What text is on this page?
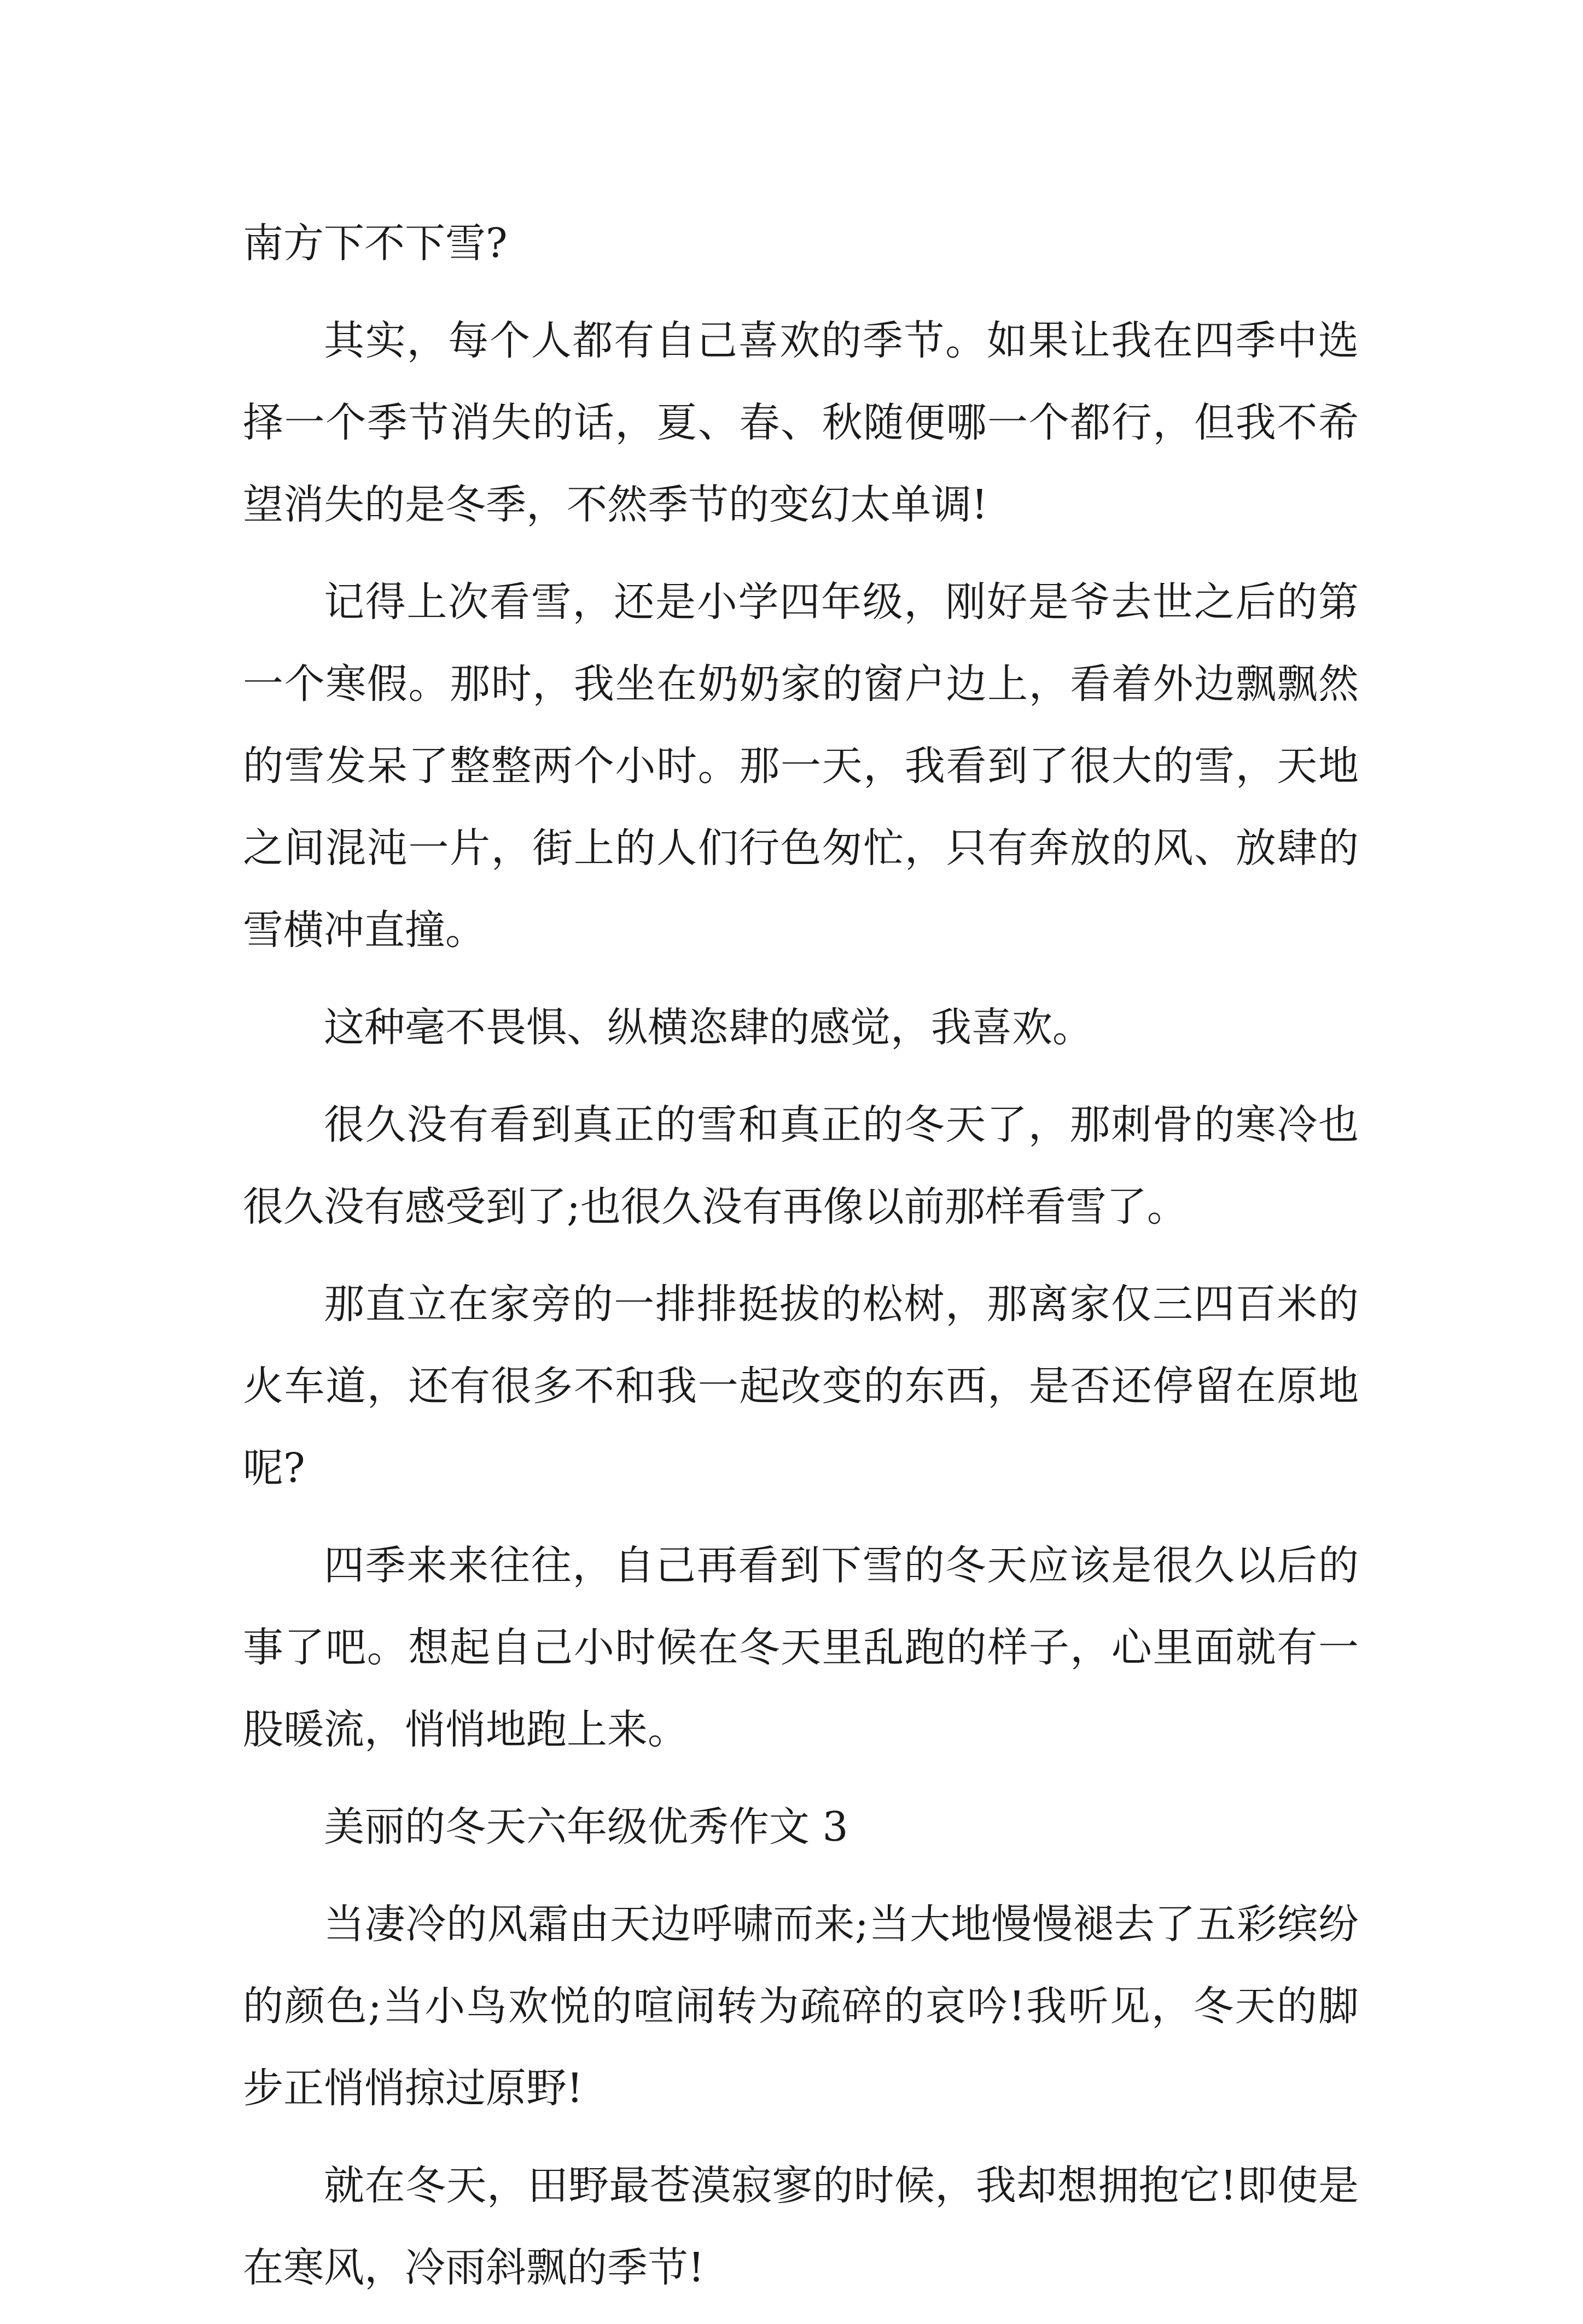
南方下不下雪?

其实，每个人都有自己喜欢的季节。如果让我在四季中选择一个季节消失的话，夏、春、秋随便哪一个都行，但我不希望消失的是冬季，不然季节的变幻太单调!

记得上次看雪，还是小学四年级，刚好是爷去世之后的第一个寒假。那时，我坐在奶奶家的窗户边上，看着外边飘飘然的雪发呆了整整两个小时。那一天，我看到了很大的雪，天地之间混沌一片，街上的人们行色匆忙，只有奔放的风、放肆的雪横冲直撞。

这种毫不畏惧、纵横恣肆的感觉，我喜欢。

很久没有看到真正的雪和真正的冬天了，那刺骨的寒冷也很久没有感受到了;也很久没有再像以前那样看雪了。

那直立在家旁的一排排挺拔的松树，那离家仅三四百米的火车道，还有很多不和我一起改变的东西，是否还停留在原地呢?

四季来来往往，自己再看到下雪的冬天应该是很久以后的事了吧。想起自己小时候在冬天里乱跑的样子，心里面就有一股暖流，悄悄地跑上来。

美丽的冬天六年级优秀作文 3

当凄冷的风霜由天边呼啸而来;当大地慢慢褪去了五彩缤纷的颜色;当小鸟欢悦的喧闹转为疏碎的哀吟!我听见，冬天的脚步正悄悄掠过原野!

就在冬天，田野最苍漠寂寥的时候，我却想拥抱它!即使是在寒风，冷雨斜飘的季节!
